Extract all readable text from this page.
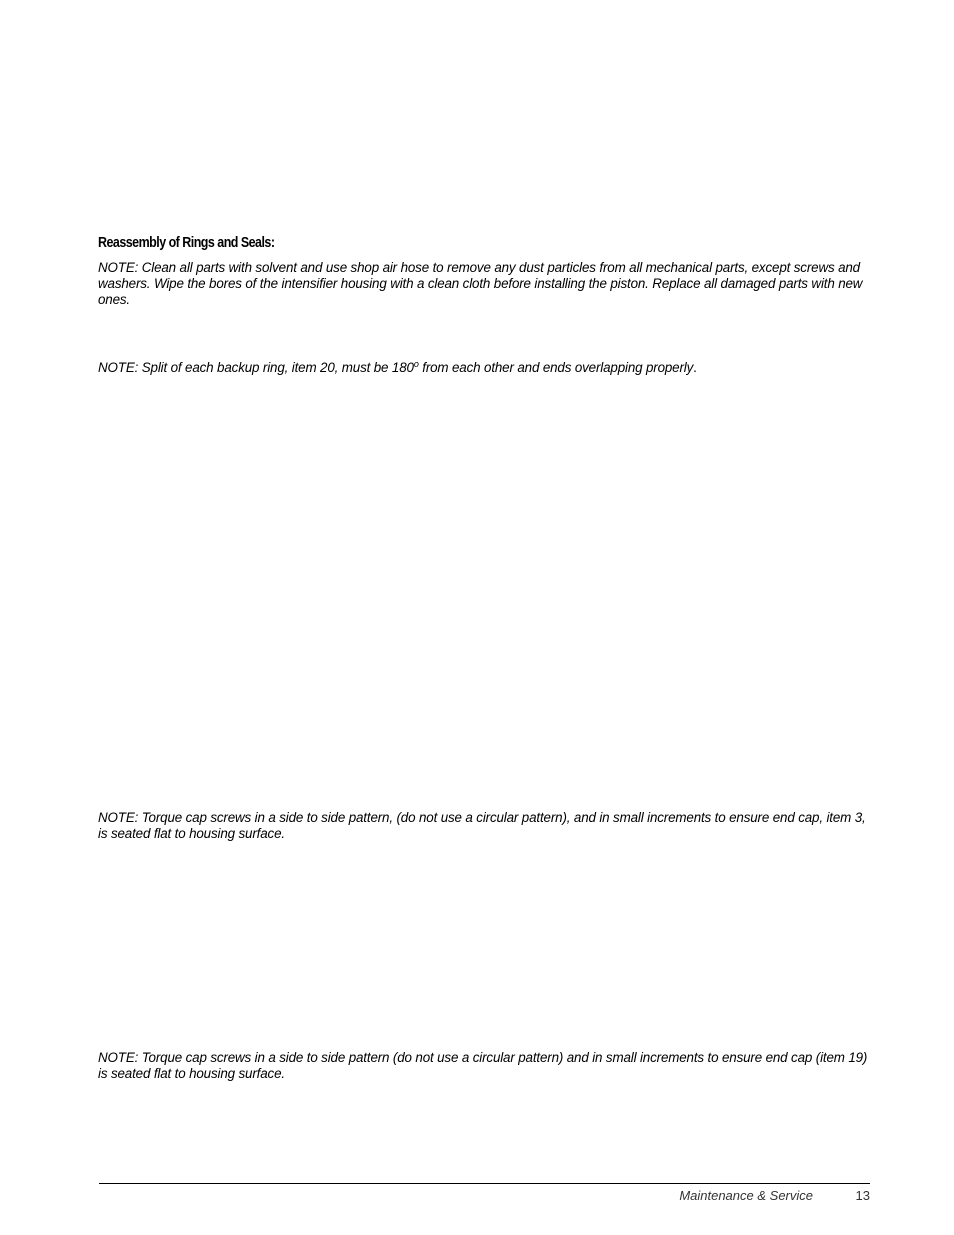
Reassembly of Rings and Seals:

NOTE: Clean all parts with solvent and use shop air hose to remove any dust particles from all mechanical parts, except screws and washers. Wipe the bores of the intensifier housing with a clean cloth before installing the piston. Replace all damaged parts with new ones.

NOTE: Split of each backup ring, item 20, must be 180$^o$ from each other and ends overlapping properly.

NOTE: Torque cap screws in a side to side pattern, (do not use a circular pattern), and in small increments to ensure end cap, item 3, is seated flat to housing surface.

NOTE: Torque cap screws in a side to side pattern (do not use a circular pattern) and in small increments to ensure end cap (item 19) is seated flat to housing surface.

Maintenance & Service	13
